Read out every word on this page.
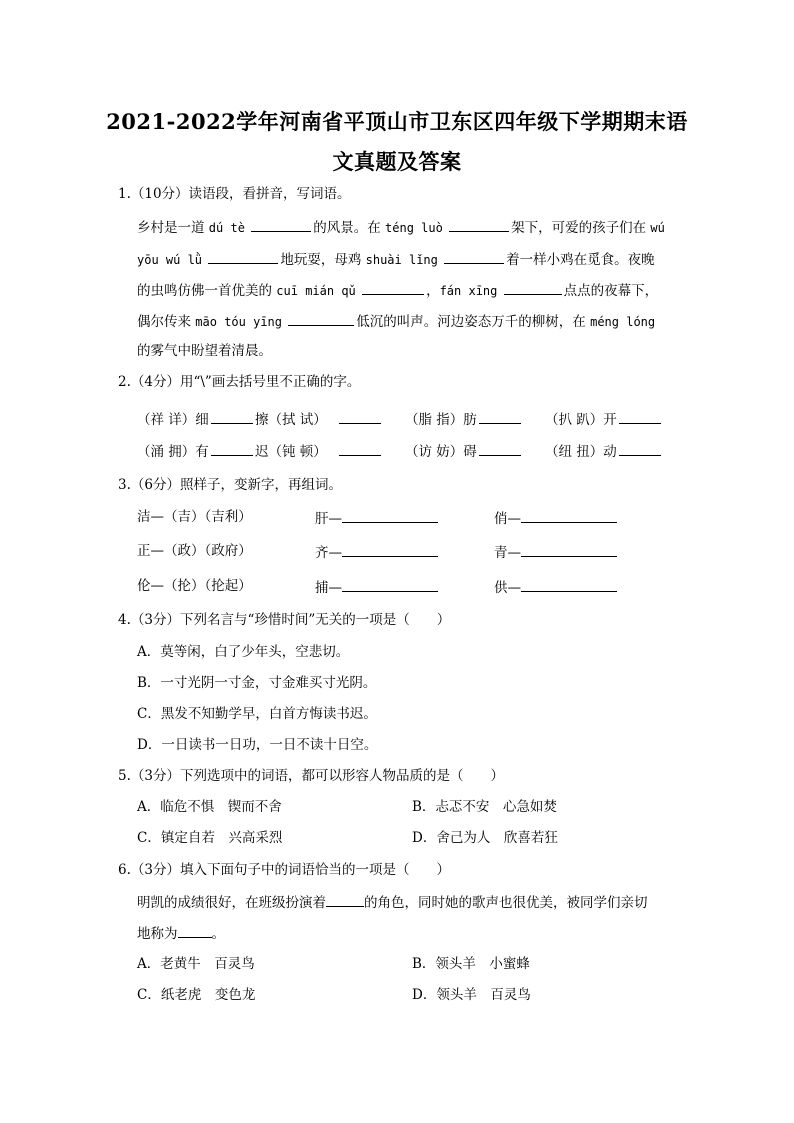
2021-2022学年河南省平顶山市卫东区四年级下学期期末语
文真题及答案
1.（10分）读语段，看拼音，写词语。
乡村是一道 dú tè	的风景。在 téng luò	架下，可爱的孩子们在 wú
yōu wú lǜ	地玩耍，母鸡 shuài lǐng	着一样小鸡在觅食。夜晚
的虫鸣仿佛一首优美的 cuī mián qǔ	，fán xīng	点点的夜幕下，
偶尔传来 māo tóu yīng	低沉的叫声。河边姿态万千的柳树，在 méng lóng
的雾气中盼望着清晨。
2.（4分）用“\”画去括号里不正确的字。
（祥 详）细	擦（拭 试）	（脂 指）肪	（扒 趴）开
（涌 拥）有	迟（钝 顿）	（访 妨）碍	（纽 扭）动
3.（6分）照样子，变新字，再组词。
洁—（吉）（吉利）	肝—	俏—
正—（政）（政府）	齐—	青—
伦—（抡）（抡起）	捕—	供—
4.（3分）下列名言与“珍惜时间”无关的一项是（　　）
A．莫等闲，白了少年头，空悲切。
B．一寸光阴一寸金，寸金难买寸光阴。
C．黑发不知勤学早，白首方悔读书迟。
D．一日读书一日功，一日不读十日空。
5.（3分）下列选项中的词语，都可以形容人物品质的是（　　）
A．临危不惧　锲而不舍	B．忐忑不安　心急如焚
C．镇定自若　兴高采烈	D．舍己为人　欣喜若狂
6.（3分）填入下面句子中的词语恰当的一项是（　　）
明凯的成绩很好，在班级扮演着	的角色，同时她的歌声也很优美，被同学们亲切
地称为	。
A．老黄牛　百灵鸟	B．领头羊　小蜜蜂
C．纸老虎　变色龙	D．领头羊　百灵鸟
